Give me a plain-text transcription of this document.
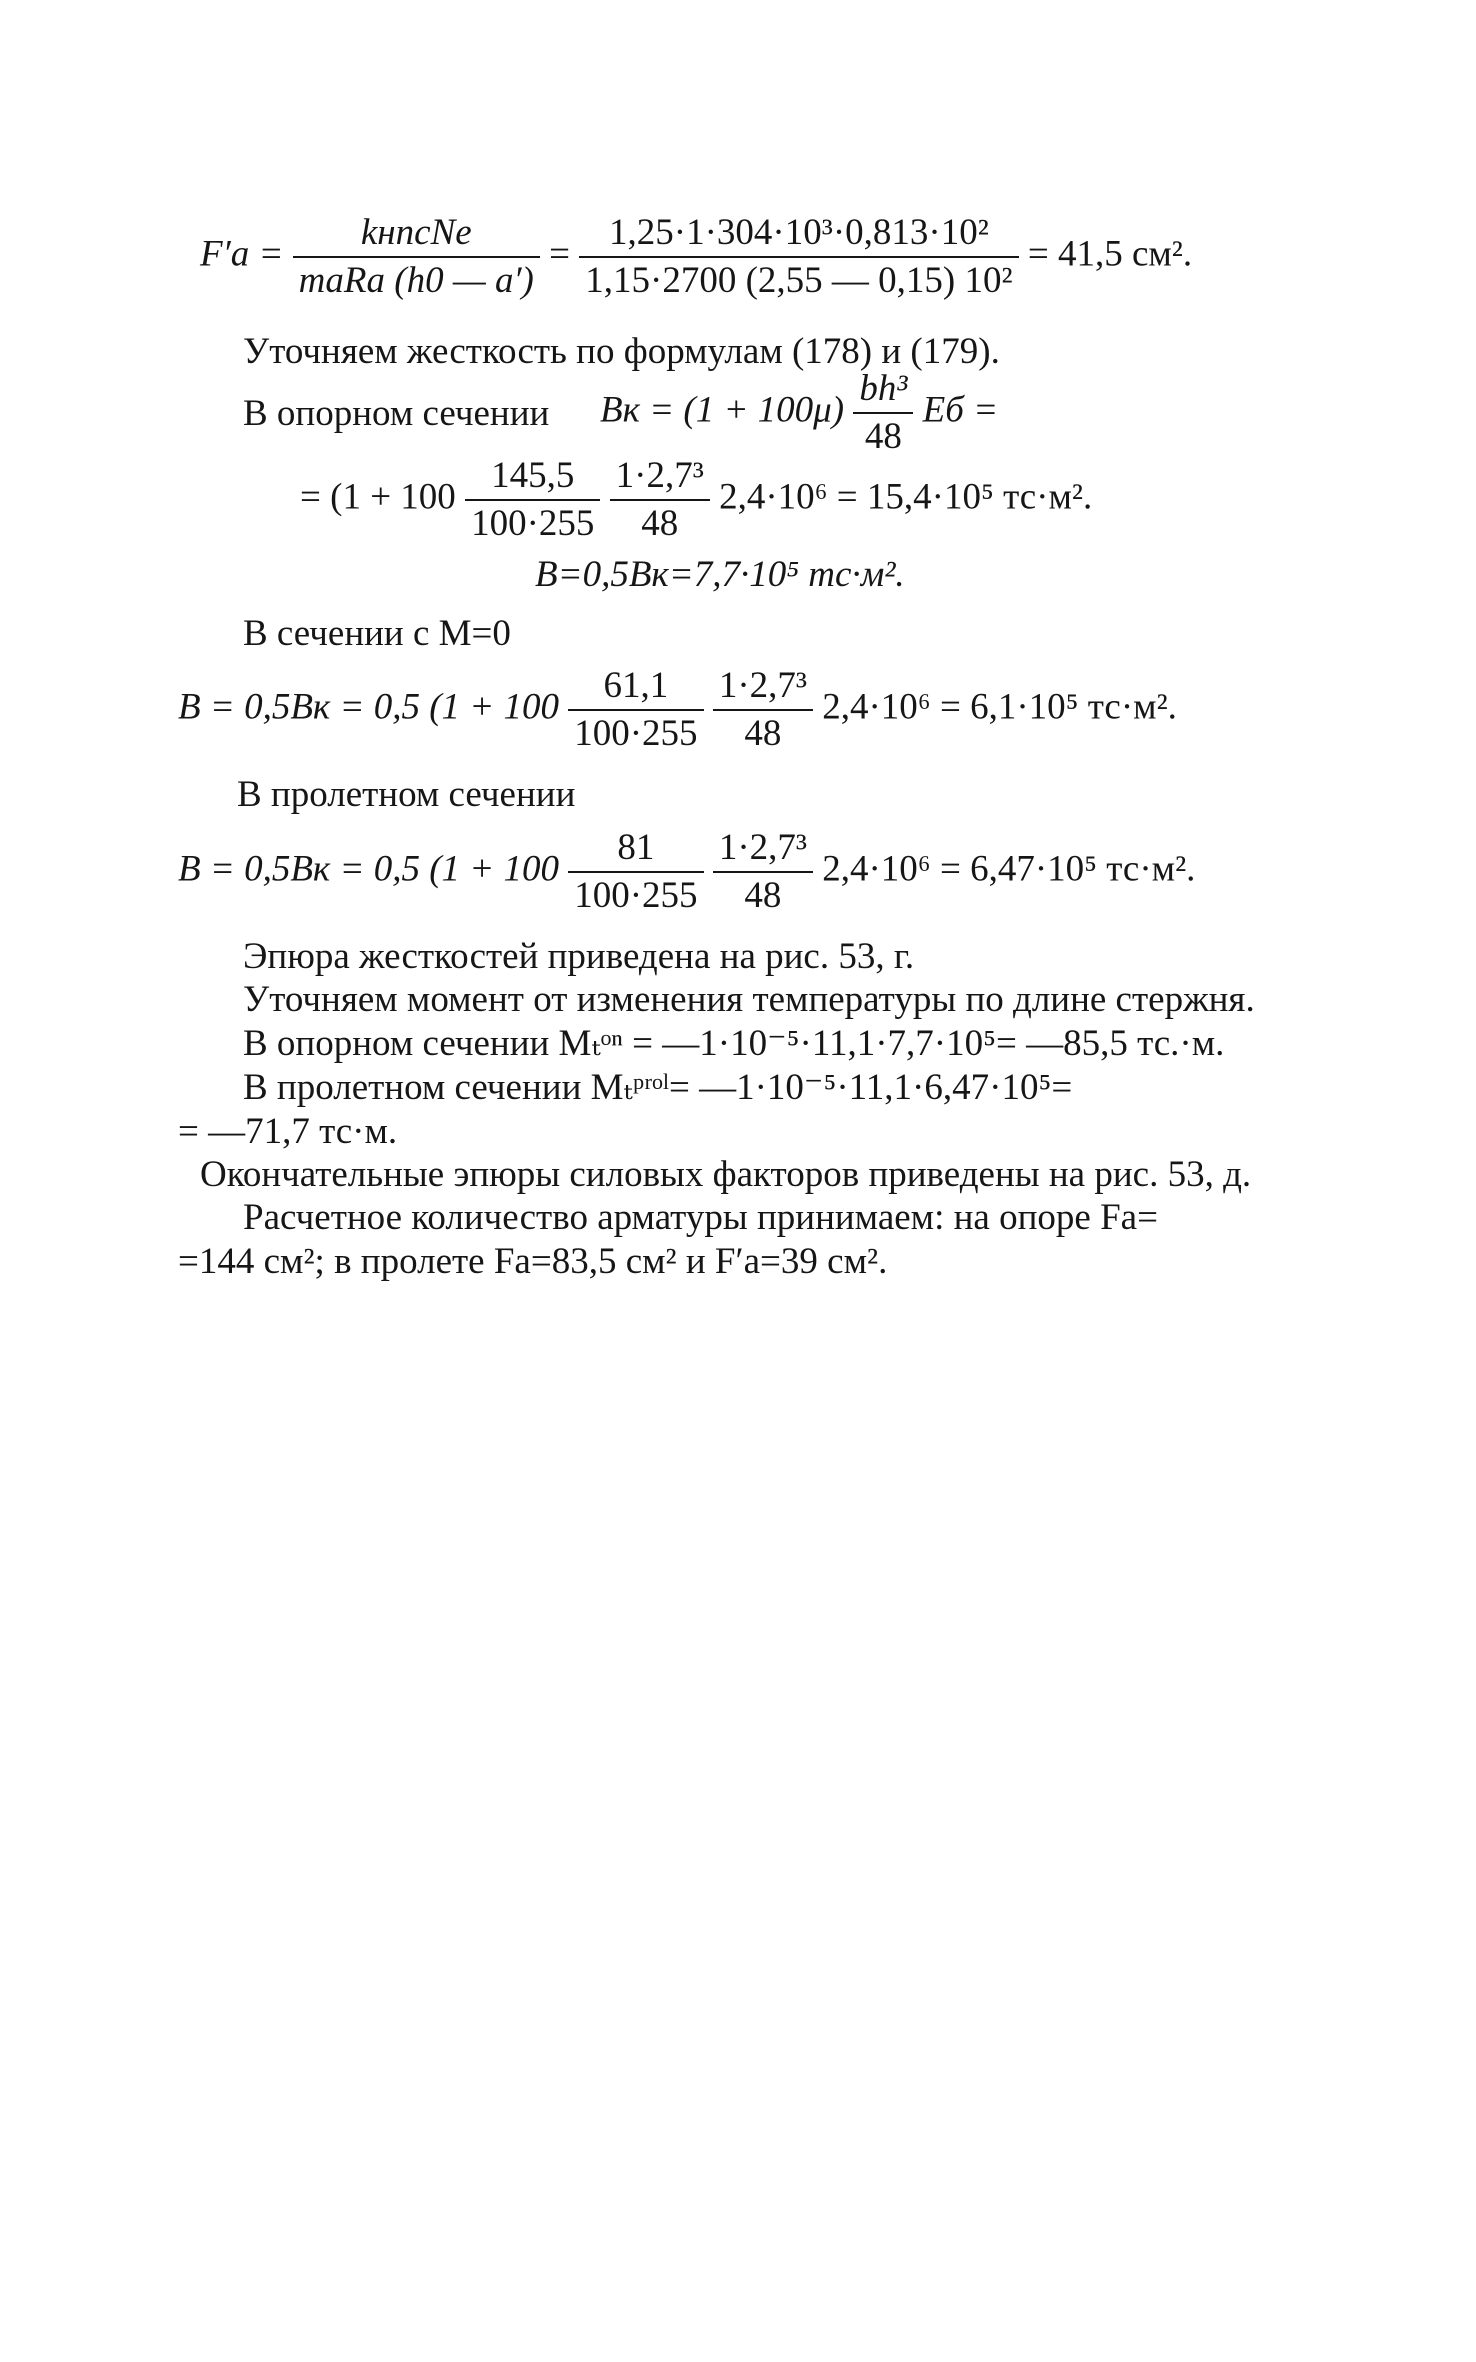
$F'а = \frac{\text{kнnсNe}}{\text{maRa (h0 — a′)}} = \frac{\text{1,25·1·304·10³·0,813·10²}}{\text{1,15·2700 (2,55 — 0,15) 10²}} = 41,5$ см².
Уточняем жесткость по формулам (178) и (179).
В опорном сечении Bк = $(1 + 100\mu) \frac{\text{bh³}}{48}$ Eб =
= ($1 + 100 \frac{145,5}{100\cdot 255}$
$\frac{\text{1·2,7³}}{48} 2,4\cdot 10^6 = 15,4\cdot 10^5$ тс·м².
B=0,5Bк=7,7·10⁵ тс·м².
В сечении с M=0
B = 0,5Bк = 0,5 ($1 + 100 \frac{61,1}{100\cdot 255}$
$\frac{\text{1·2,7³}}{48} 2,4\cdot 10^6 = 6,1\cdot 10^5$ тс·м².
В пролетном сечении
B = 0,5Bк = 0,5 ($1 + 100 \frac{81}{100\cdot 255}$
$\frac{\text{1·2,7³}}{48} 2,4\cdot 10^6 = 6,47\cdot 10^5$ тс·м².
Эпюра жесткостей приведена на рис. 53, г.
Уточняем момент от изменения температуры по длине стержня.
В опорном сечении Mₜᵒⁿ = —1·10⁻⁵·11,1·7,7·10⁵= —85,5 тс.·м.
В пролетном сечении Mₜᵖʳᵒˡ= —1·10⁻⁵·11,1·6,47·10⁵=
= —71,7 тс·м.
Окончательные эпюры силовых факторов приведены на рис. 53, д.
Расчетное количество арматуры принимаем: на опоре Fа=
=144 см²; в пролете Fа=83,5 см² и F′а=39 см².
